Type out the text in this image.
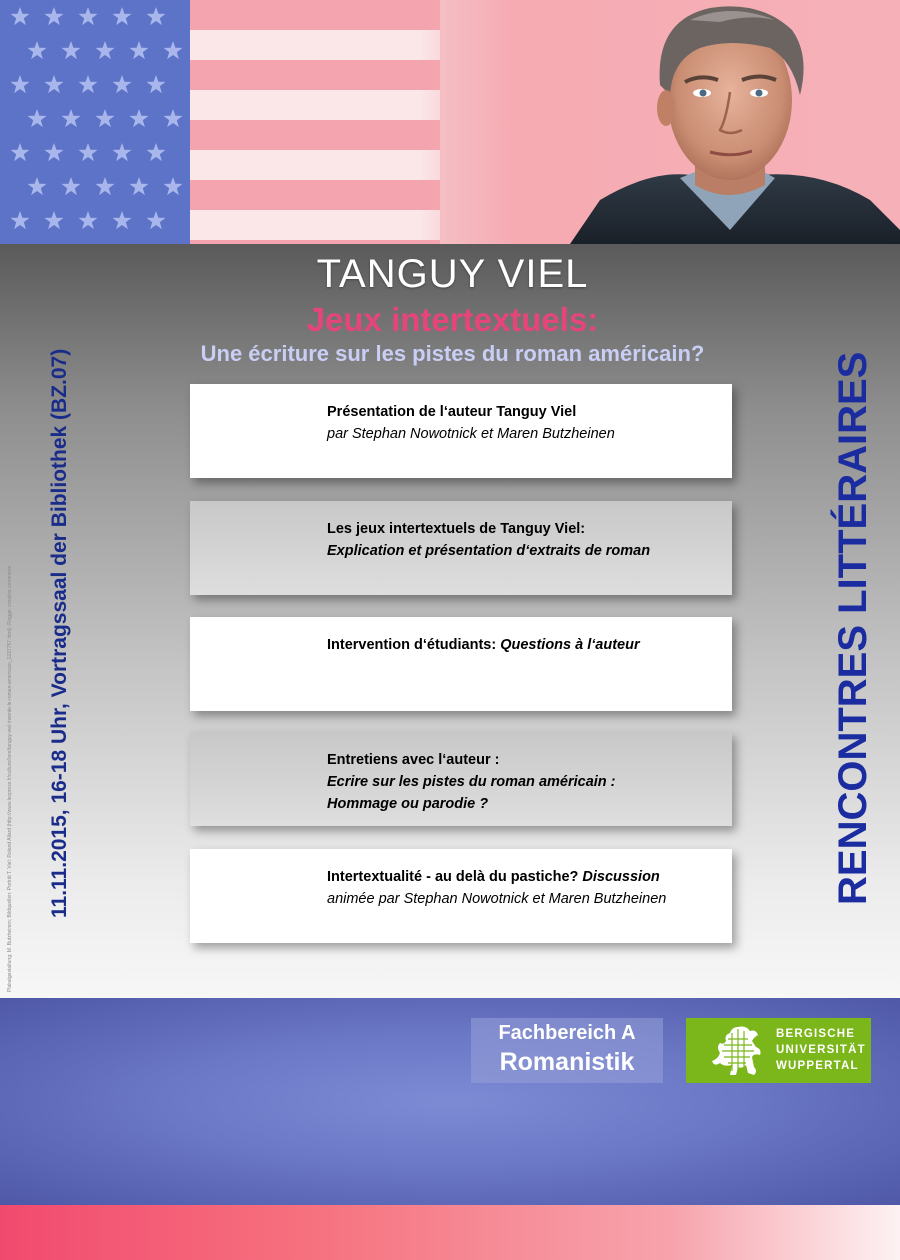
TANGUY VIEL
Jeux intertextuels:
Une écriture sur les pistes du roman américain?
Plakatgestaltung: M. Butzheinen; Bildquellen: Porträt T. Viel: Roland Allard (http://www.lexpress.fr/culture/livre/tanguy-viel-invente-le-roman-americain_1237757.html); Flagge: creative commons 11.11.2015, 16-18 Uhr, Vortragssaal der Bibliothek (BZ.07)	RENCONTRES LITTÉRAIRES
Présentation de l‘auteur Tanguy Viel
par Stephan Nowotnick et Maren Butzheinen
Les jeux intertextuels de Tanguy Viel:
Explication et présentation d‘extraits de roman
Intervention d‘étudiants: Questions à l‘auteur
Entretiens avec l‘auteur :
Ecrire sur les pistes du roman américain :
Hommage ou parodie ?
Intertextualité - au delà du pastiche? Discussion
animée par Stephan Nowotnick et Maren Butzheinen
Fachbereich A
Romanistik
BERGISCHE
UNIVERSITÄT
WUPPERTAL
